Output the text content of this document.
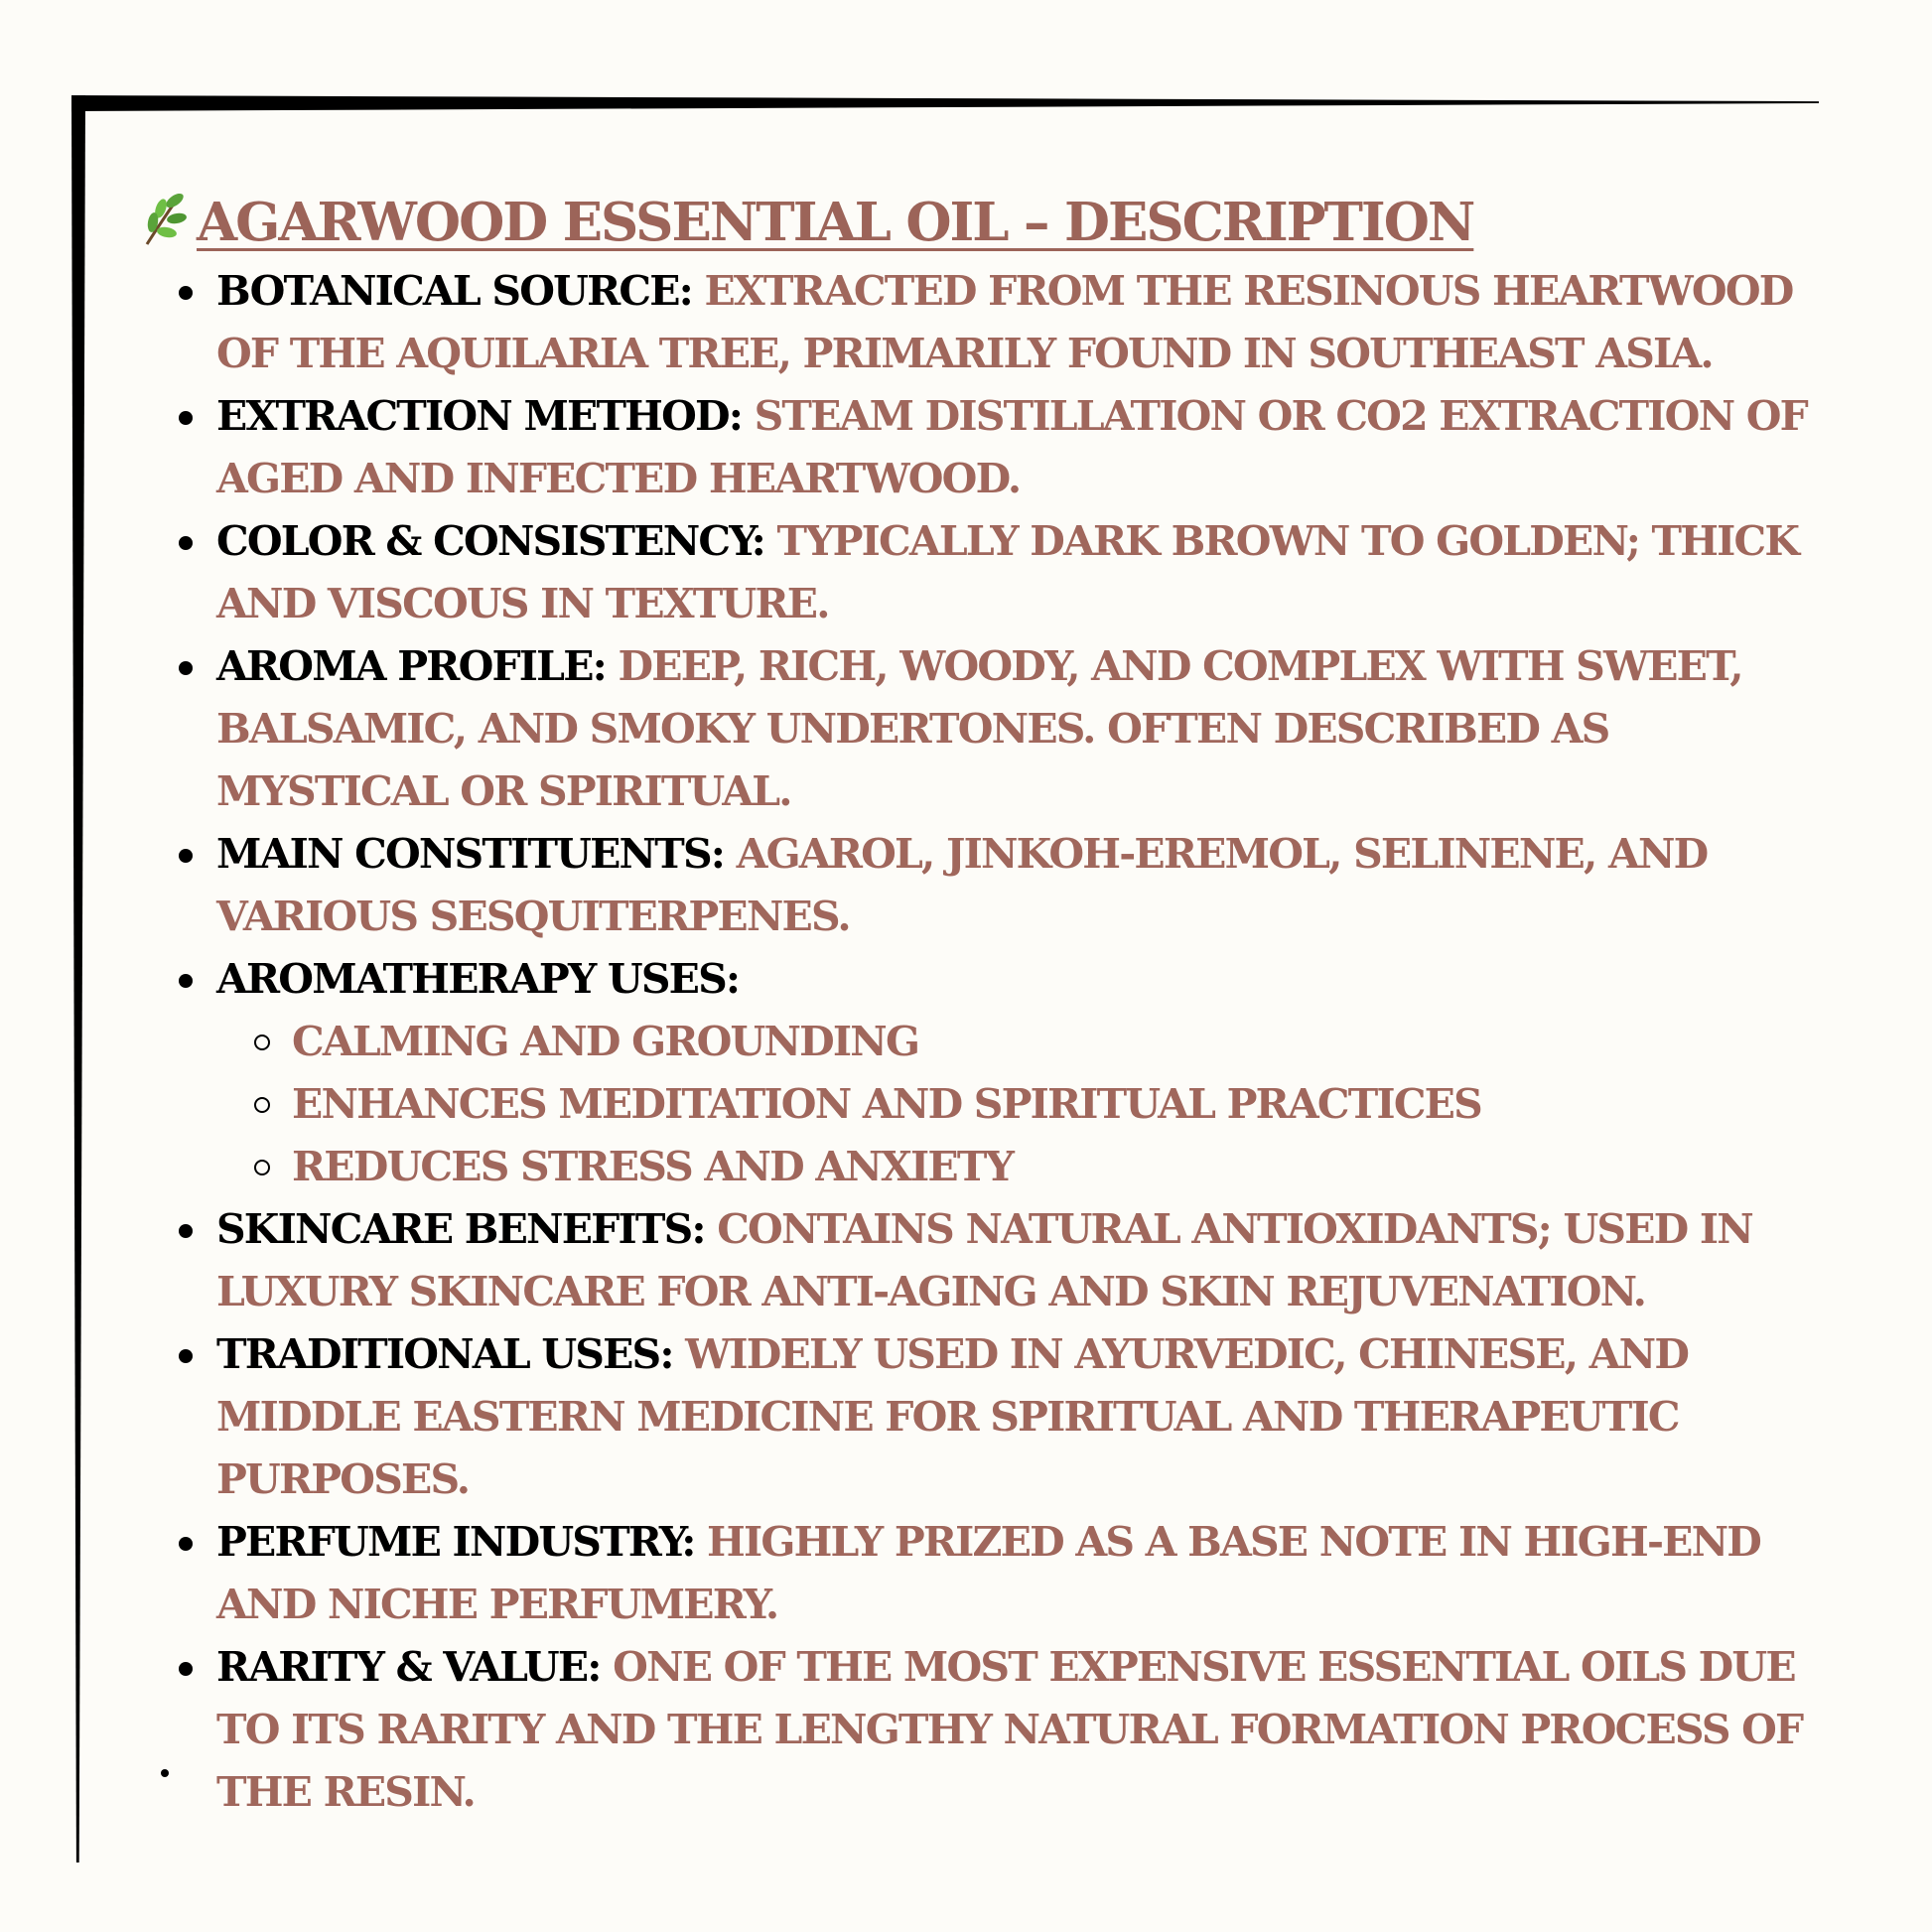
AGARWOOD ESSENTIAL OIL – DESCRIPTION
BOTANICAL SOURCE: EXTRACTED FROM THE RESINOUS HEARTWOOD OF THE AQUILARIA TREE, PRIMARILY FOUND IN SOUTHEAST ASIA.
EXTRACTION METHOD: STEAM DISTILLATION OR CO2 EXTRACTION OF AGED AND INFECTED HEARTWOOD.
COLOR & CONSISTENCY: TYPICALLY DARK BROWN TO GOLDEN; THICK AND VISCOUS IN TEXTURE.
AROMA PROFILE: DEEP, RICH, WOODY, AND COMPLEX WITH SWEET, BALSAMIC, AND SMOKY UNDERTONES. OFTEN DESCRIBED AS MYSTICAL OR SPIRITUAL.
MAIN CONSTITUENTS: AGAROL, JINKOH-EREMOL, SELINENE, AND VARIOUS SESQUITERPENES.
AROMATHERAPY USES:
CALMING AND GROUNDING
ENHANCES MEDITATION AND SPIRITUAL PRACTICES
REDUCES STRESS AND ANXIETY
SKINCARE BENEFITS: CONTAINS NATURAL ANTIOXIDANTS; USED IN LUXURY SKINCARE FOR ANTI-AGING AND SKIN REJUVENATION.
TRADITIONAL USES: WIDELY USED IN AYURVEDIC, CHINESE, AND MIDDLE EASTERN MEDICINE FOR SPIRITUAL AND THERAPEUTIC PURPOSES.
PERFUME INDUSTRY: HIGHLY PRIZED AS A BASE NOTE IN HIGH-END AND NICHE PERFUMERY.
RARITY & VALUE: ONE OF THE MOST EXPENSIVE ESSENTIAL OILS DUE TO ITS RARITY AND THE LENGTHY NATURAL FORMATION PROCESS OF THE RESIN.
